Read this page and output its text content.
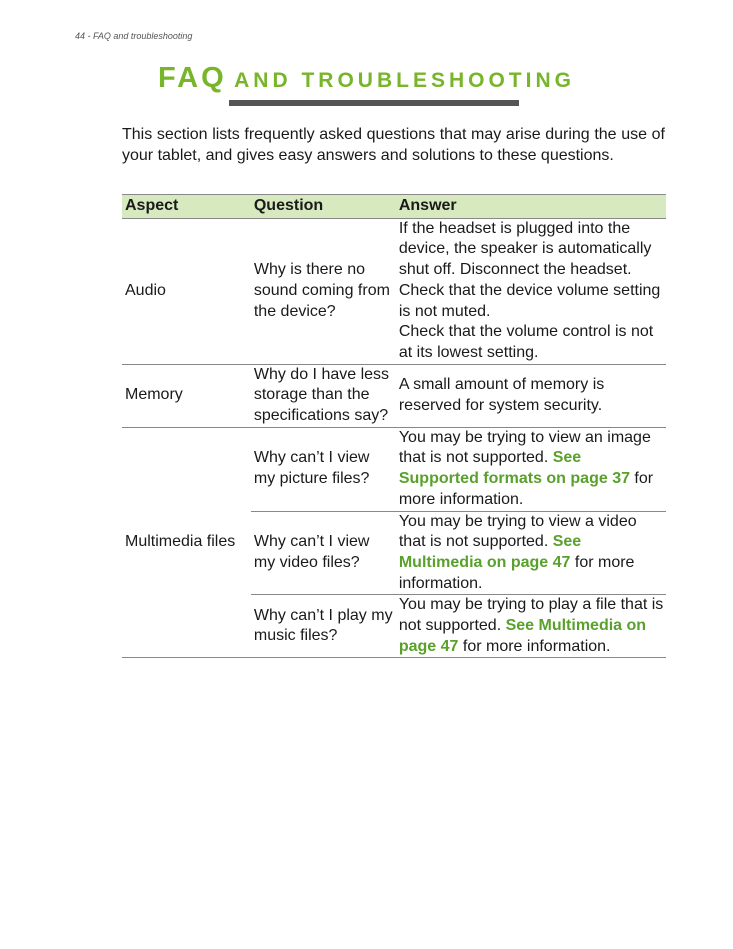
44 - FAQ and troubleshooting
FAQ AND TROUBLESHOOTING

This section lists frequently asked questions that may arise during the use of your tablet, and gives easy answers and solutions to these questions.

Aspect	Question	Answer
Audio	Why is there no sound coming from the device?	If the headset is plugged into the device, the speaker is automatically shut off. Disconnect the headset.
Check that the device volume setting is not muted.
Check that the volume control is not at its lowest setting.

Memory	Why do I have less storage than the specifications say?	A small amount of memory is reserved for system security.
Multimedia files	Why can’t I view my picture files?	You may be trying to view an image that is not supported. See Supported formats on page 37 for more information.
	Why can’t I view my video files?	You may be trying to view a video that is not supported. See Multimedia on page 47 for more information.
	Why can’t I play my music files?	You may be trying to play a file that is not supported. See Multimedia on page 47 for more information.
